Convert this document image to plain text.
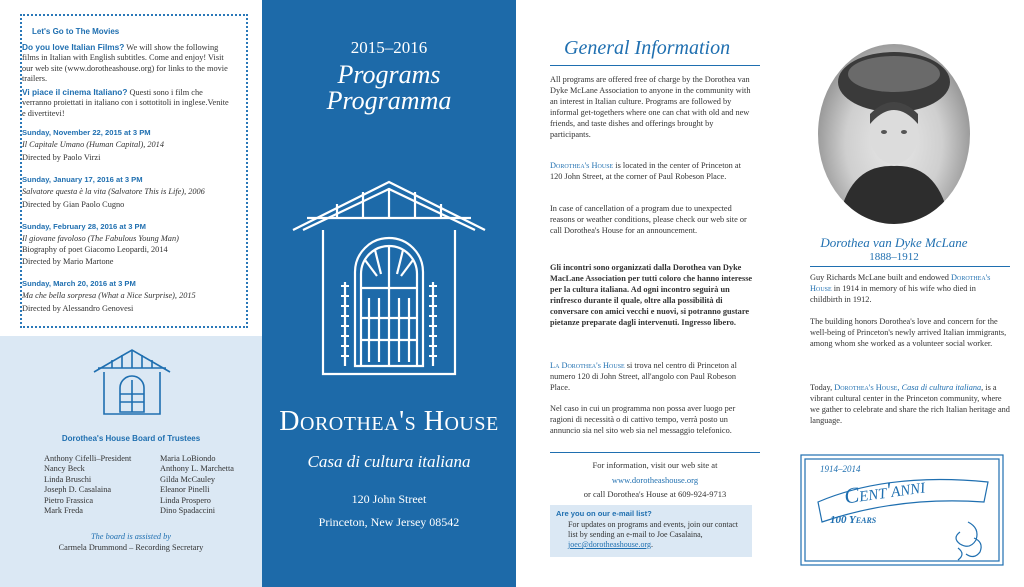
Let's Go to The Movies
Do you love Italian Films? We will show the following films in Italian with English subtitles. Come and enjoy! Visit our web site (www.dorotheashouse.org) for links to the movie trailers.
Vi piace il cinema Italiano? Questi sono i film che verranno proiettati in italiano con i sottotitoli in inglese.Venite e divertitevi!
Sunday, November 22, 2015 at 3 PM
Il Capitale Umano (Human Capital), 2014
Directed by Paolo Virzi
Sunday, January 17, 2016 at 3 PM
Salvatore questa è la vita (Salvatore This is Life), 2006
Directed by Gian Paolo Cugno
Sunday, February 28, 2016 at 3 PM
Il giovane favoloso (The Fabulous Young Man)
Biography of poet Giacomo Leopardi, 2014
Directed by Mario Martone
Sunday, March 20, 2016 at 3 PM
Ma che bella sorpresa (What a Nice Surprise), 2015
Directed by Alessandro Genovesi
Dorothea's House Board of Trustees
Anthony Cifelli–President
Nancy Beck
Linda Bruschi
Joseph D. Casalaina
Pietro Frassica
Mark Freda
Maria LoBiondo
Anthony L. Marchetta
Gilda McCauley
Eleanor Pinelli
Linda Prospero
Dino Spadaccini
The board is assisted by
Carmela Drummond – Recording Secretary
2015–2016
Programs
Programma
Dorothea's House
Casa di cultura italiana
120 John Street
Princeton, New Jersey 08542
General Information
All programs are offered free of charge by the Dorothea van Dyke McLane Association to anyone in the community with an interest in Italian culture. Programs are followed by informal get-togethers where one can chat with old and new friends, and taste dishes and offerings brought by participants.
Dorothea's House is located in the center of Princeton at 120 John Street, at the corner of Paul Robeson Place.
In case of cancellation of a program due to unexpected reasons or weather conditions, please check our web site or call Dorothea's House for an announcement.
Gli incontri sono organizzati dalla Dorothea van Dyke MacLane Association per tutti coloro che hanno interesse per la cultura italiana. Ad ogni incontro seguirà un rinfresco durante il quale, oltre alla possibilità di conversare con amici vecchi e nuovi, si potranno gustare pietanze preparate dagli intervenuti. Ingresso libero.
La Dorothea's House si trova nel centro di Princeton al numero 120 di John Street, all'angolo con Paul Robeson Place.
Nel caso in cui un programma non possa aver luogo per ragioni di necessità o di cattivo tempo, verrà posto un annuncio sia nel sito web sia nel messaggio telefonico.
For information, visit our web site at
www.dorotheashouse.org
or call Dorothea's House at 609-924-9713
Are you on our e-mail list?
For updates on programs and events, join our contact list by sending an e-mail to Joe Casalaina, joec@dorotheashouse.org.
Dorothea van Dyke McLane
1888–1912
Guy Richards McLane built and endowed Dorothea's House in 1914 in memory of his wife who died in childbirth in 1912.
The building honors Dorothea's love and concern for the well-being of Princeton's newly arrived Italian immigrants, among whom she worked as a volunteer social worker.
Today, Dorothea's House, Casa di cultura italiana, is a vibrant cultural center in the Princeton community, where we gather to celebrate and share the rich Italian heritage and language.
1914–2014
Cent'anni
100 Years
